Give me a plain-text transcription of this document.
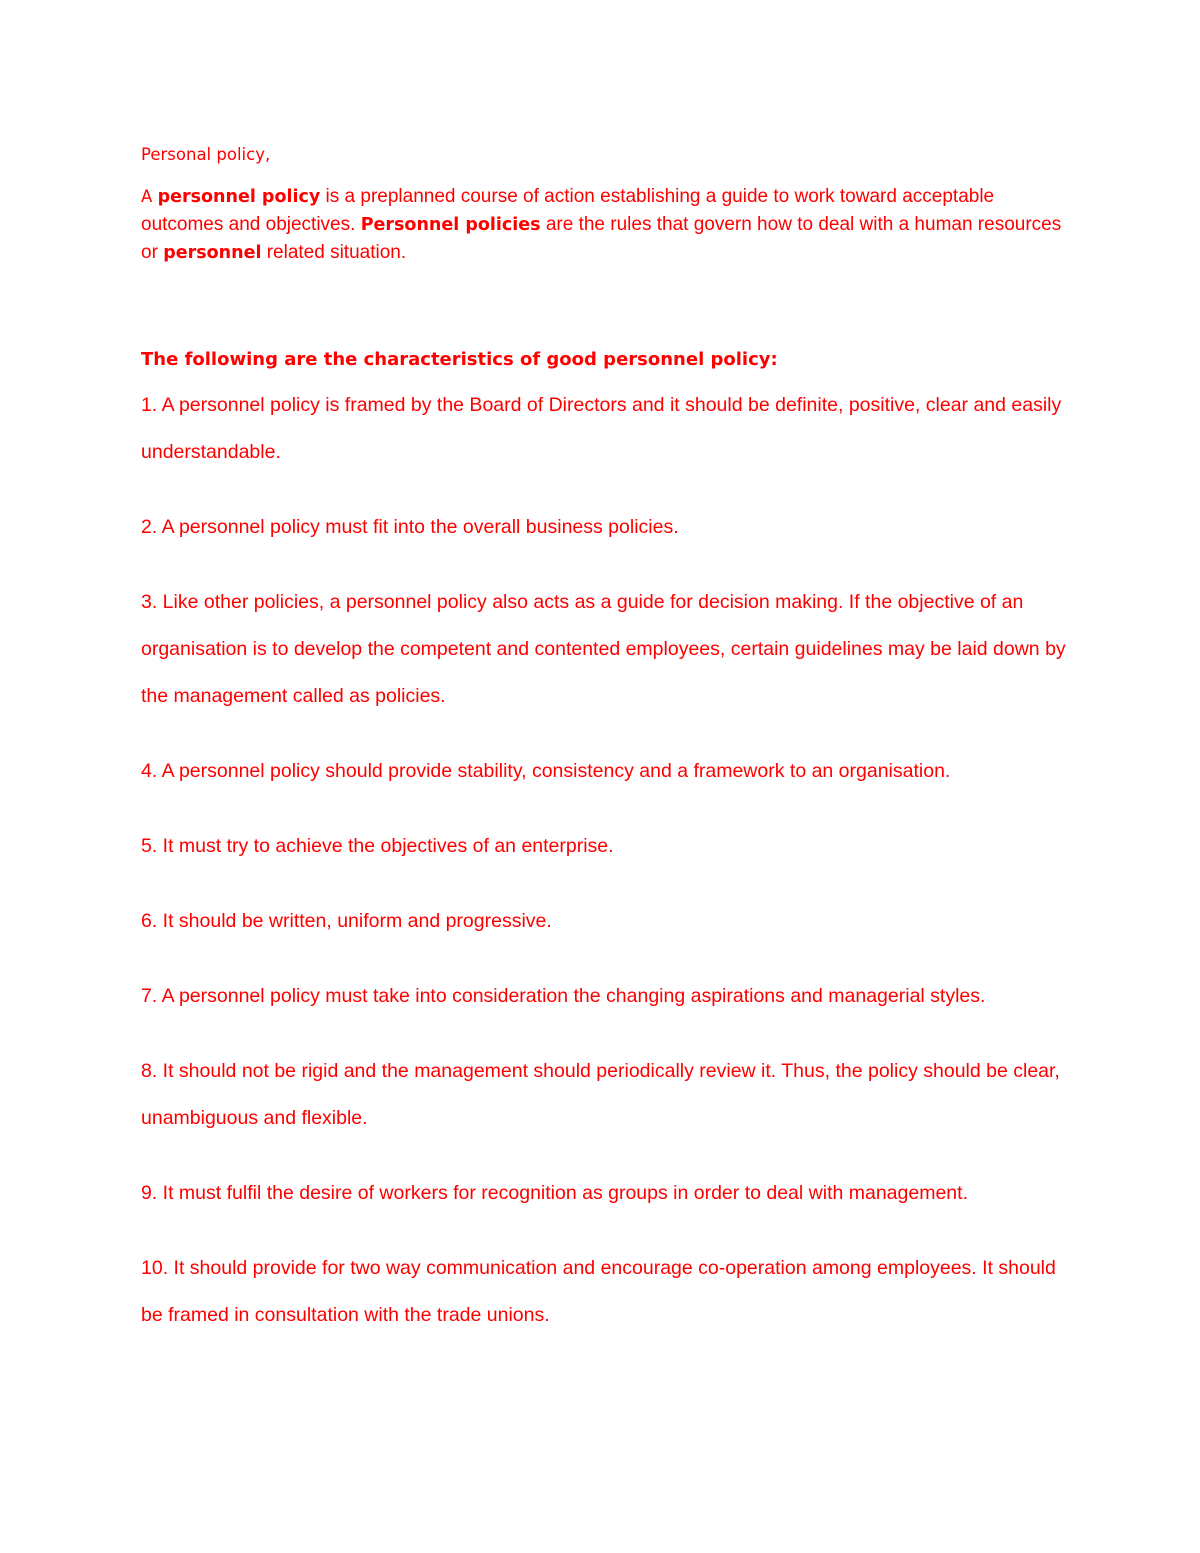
Personal policy,

A personnel policy is a preplanned course of action establishing a guide to work toward acceptable outcomes and objectives. Personnel policies are the rules that govern how to deal with a human resources or personnel related situation.

The following are the characteristics of good personnel policy:

1. A personnel policy is framed by the Board of Directors and it should be definite, positive, clear and easily understandable.
2. A personnel policy must fit into the overall business policies.
3. Like other policies, a personnel policy also acts as a guide for decision making. If the objective of an organisation is to develop the competent and contented employees, certain guidelines may be laid down by the management called as policies.
4. A personnel policy should provide stability, consistency and a framework to an organisation.
5. It must try to achieve the objectives of an enterprise.
6. It should be written, uniform and progressive.
7. A personnel policy must take into consideration the changing aspirations and managerial styles.
8. It should not be rigid and the management should periodically review it. Thus, the policy should be clear, unambiguous and flexible.
9. It must fulfil the desire of workers for recognition as groups in order to deal with management.
10. It should provide for two way communication and encourage co-operation among employees. It should be framed in consultation with the trade unions.
